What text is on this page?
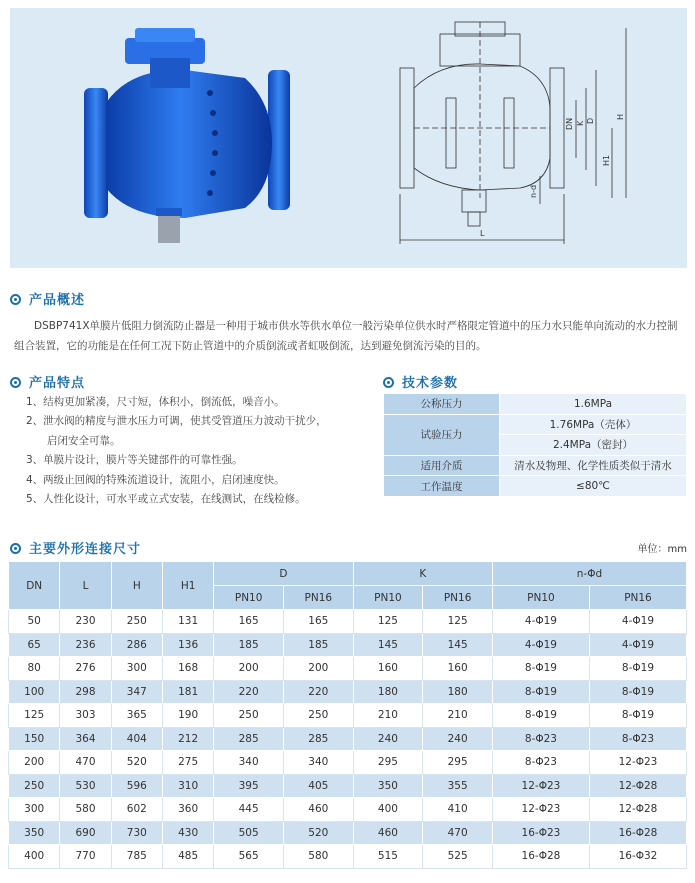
DN K D
H1
H
n-d
L
产品概述

DSBP741X单膜片低阻力倒流防止器是一种用于城市供水等供水单位一般污染单位供水时严格限定管道中的压力水只能单向流动的水力控制组合装置，它的功能是在任何工况下防止管道中的介质倒流或者虹吸倒流，达到避免倒流污染的目的。

产品特点
1、结构更加紧凑，尺寸短，体积小，倒流低，噪音小。
2、泄水阀的精度与泄水压力可调，使其受管道压力波动干扰少，
启闭安全可靠。
3、单膜片设计，膜片等关键部件的可靠性强。
4、两级止回阀的特殊流道设计，流阻小，启闭速度快。
5、人性化设计，可水平或立式安装，在线测试，在线检修。
技术参数
公称压力	1.6MPa
试验压力	1.76MPa（壳体）
	2.4MPa（密封）
适用介质	清水及物理、化学性质类似于清水
工作温度	≤80℃
主要外形连接尺寸	单位：mm
DN	L	H	H1	D		K		n-Φd	
				PN10	PN16	PN10	PN16	PN10	PN16
50	230	250	131	165	165	125	125	4-Φ19	4-Φ19
65	236	286	136	185	185	145	145	4-Φ19	4-Φ19
80	276	300	168	200	200	160	160	8-Φ19	8-Φ19
100	298	347	181	220	220	180	180	8-Φ19	8-Φ19
125	303	365	190	250	250	210	210	8-Φ19	8-Φ19
150	364	404	212	285	285	240	240	8-Φ23	8-Φ23
200	470	520	275	340	340	295	295	8-Φ23	12-Φ23
250	530	596	310	395	405	350	355	12-Φ23	12-Φ28
300	580	602	360	445	460	400	410	12-Φ23	12-Φ28
350	690	730	430	505	520	460	470	16-Φ23	16-Φ28
400	770	785	485	565	580	515	525	16-Φ28	16-Φ32
